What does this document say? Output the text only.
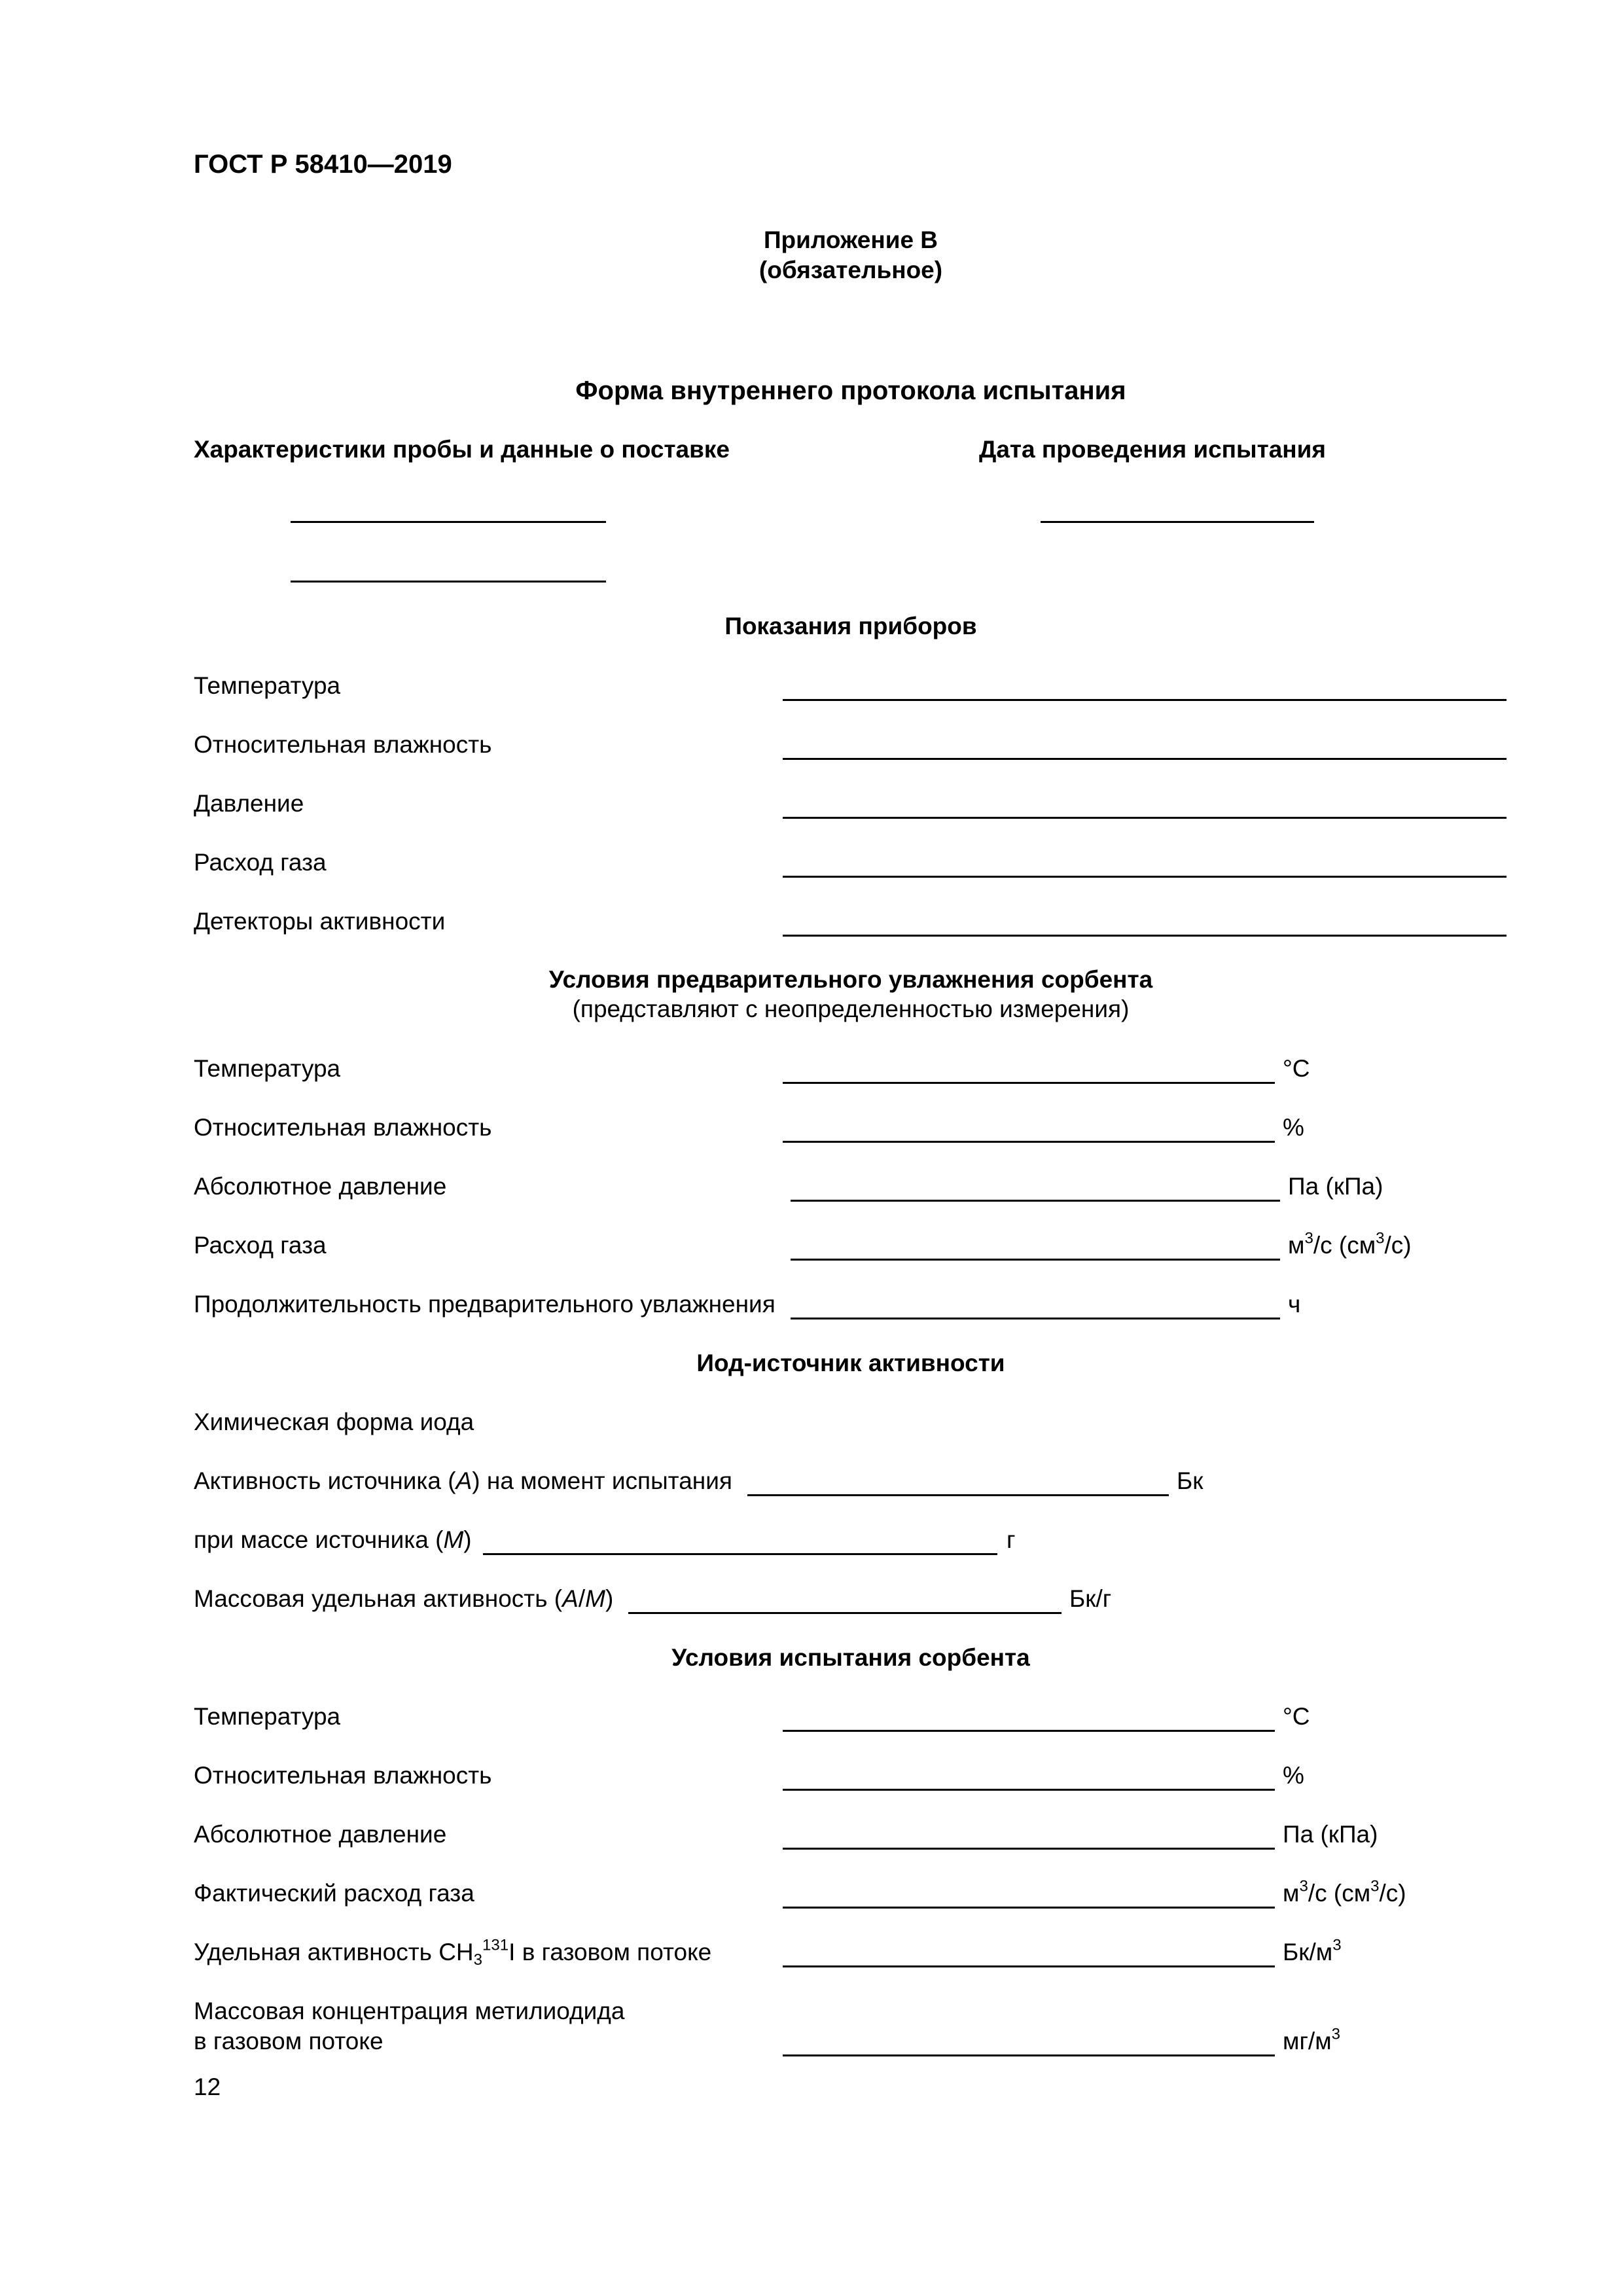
ГОСТ Р 58410—2019
Приложение В
(обязательное)
Форма внутреннего протокола испытания
Характеристики пробы и данные о поставке	Дата проведения испытания
Показания приборов
Температура
Относительная влажность
Давление
Расход газа
Детекторы активности
Условия предварительного увлажнения сорбента
(представляют с неопределенностью измерения)
Температура	°С
Относительная влажность	%
Абсолютное давление	Па (кПа)
Расход газа	$м^3/с$ $(см^3/с)$
Продолжительность предварительного увлажнения	ч
Иод-источник активности
Химическая форма иода
Активность источника (А) на момент испытания	Бк
при массе источника (М)	г
Массовая удельная активность (А/М)	Бк/г
Условия испытания сорбента
Температура	°С
Относительная влажность	%
Абсолютное давление	Па (кПа)
Фактический расход газа	$м^3/с$ $(см^3/с)$
Удельная активность $CH_3^{131}I$ в газовом потоке	$Бк/м^3$
Массовая концентрация метилиодида
в газовом потоке	$мг/м^3$
12
